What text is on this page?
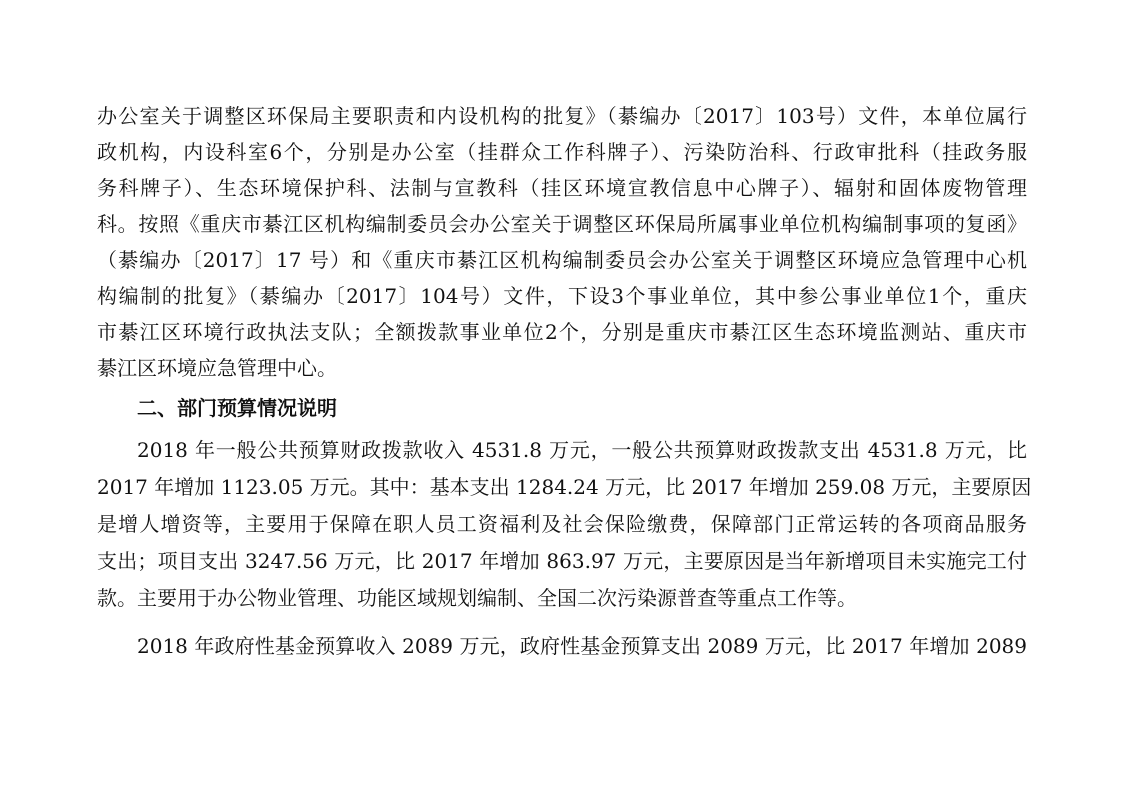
办公室关于调整区环保局主要职责和内设机构的批复》（綦编办〔2017〕103号）文件，本单位属行

政机构，内设科室6个，分别是办公室（挂群众工作科牌子）、污染防治科、行政审批科（挂政务服

务科牌子）、生态环境保护科、法制与宣教科（挂区环境宣教信息中心牌子）、辐射和固体废物管理

科。按照《重庆市綦江区机构编制委员会办公室关于调整区环保局所属事业单位机构编制事项的复函》

（綦编办〔2017〕17 号）和《重庆市綦江区机构编制委员会办公室关于调整区环境应急管理中心机

构编制的批复》（綦编办〔2017〕104号）文件，下设3个事业单位，其中参公事业单位1个，重庆

市綦江区环境行政执法支队；全额拨款事业单位2个，分别是重庆市綦江区生态环境监测站、重庆市

綦江区环境应急管理中心。

二、部门预算情况说明

2018 年一般公共预算财政拨款收入 4531.8 万元，一般公共预算财政拨款支出 4531.8 万元，比

2017 年增加 1123.05 万元。其中：基本支出 1284.24 万元，比 2017 年增加 259.08 万元，主要原因

是增人增资等，主要用于保障在职人员工资福利及社会保险缴费，保障部门正常运转的各项商品服务

支出；项目支出 3247.56 万元，比 2017 年增加 863.97 万元，主要原因是当年新增项目未实施完工付

款。主要用于办公物业管理、功能区域规划编制、全国二次污染源普查等重点工作等。

2018 年政府性基金预算收入 2089 万元，政府性基金预算支出 2089 万元，比 2017 年增加 2089
